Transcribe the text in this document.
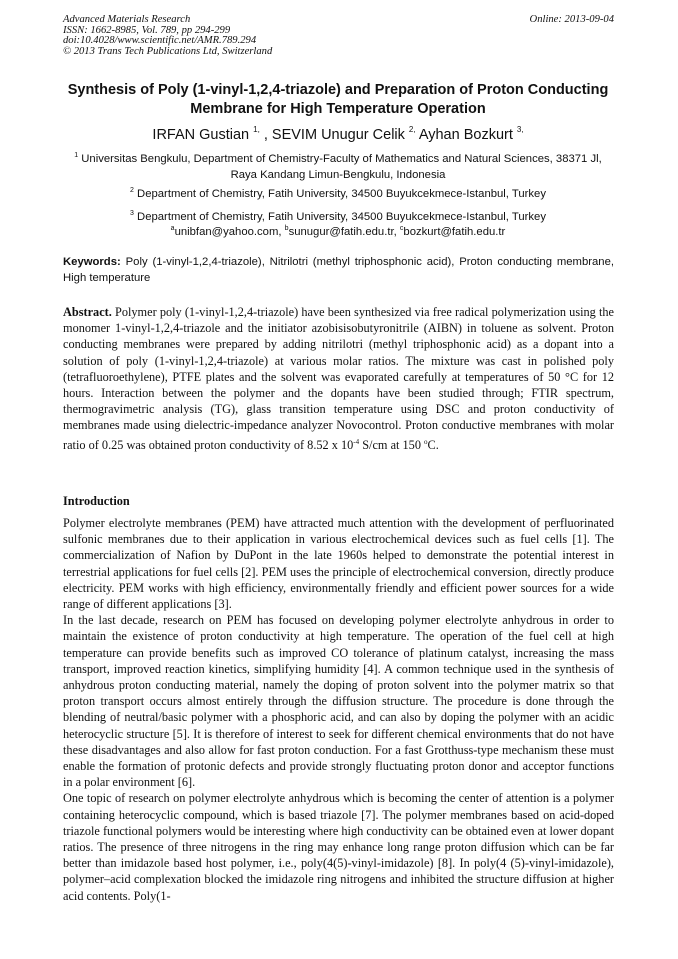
Advanced Materials Research
ISSN: 1662-8985, Vol. 789, pp 294-299
doi:10.4028/www.scientific.net/AMR.789.294
© 2013 Trans Tech Publications Ltd, Switzerland
Online: 2013-09-04
Synthesis of Poly (1-vinyl-1,2,4-triazole) and Preparation of Proton Conducting Membrane for High Temperature Operation
IRFAN Gustian $^{1,}$ , SEVIM Unugur Celik $^{2,}$ Ayhan Bozkurt $^{3,}$
$^1$ Universitas Bengkulu, Department of Chemistry-Faculty of Mathematics and Natural Sciences, 38371 Jl, Raya Kandang Limun-Bengkulu, Indonesia
$^2$ Department of Chemistry, Fatih University, 34500 Buyukcekmece-Istanbul, Turkey
$^3$ Department of Chemistry, Fatih University, 34500 Buyukcekmece-Istanbul, Turkey
$^a$unibfan@yahoo.com, $^b$sunugur@fatih.edu.tr, $^c$bozkurt@fatih.edu.tr
Keywords: Poly (1-vinyl-1,2,4-triazole), Nitrilotri (methyl triphosphonic acid), Proton conducting membrane, High temperature
Abstract. Polymer poly (1-vinyl-1,2,4-triazole) have been synthesized via free radical polymerization using the monomer 1-vinyl-1,2,4-triazole and the initiator azobisisobutyronitrile (AIBN) in toluene as solvent. Proton conducting membranes were prepared by adding nitrilotri (methyl triphosphonic acid) as a dopant into a solution of poly (1-vinyl-1,2,4-triazole) at various molar ratios. The mixture was cast in polished poly (tetrafluoroethylene), PTFE plates and the solvent was evaporated carefully at temperatures of 50 °C for 12 hours. Interaction between the polymer and the dopants have been studied through; FTIR spectrum, thermogravimetric analysis (TG), glass transition temperature using DSC and proton conductivity of membranes made using dielectric-impedance analyzer Novocontrol. Proton conductive membranes with molar ratio of 0.25 was obtained proton conductivity of 8.52 x $10^{-4}$ S/cm at 150 $^o$C.
Introduction

Polymer electrolyte membranes (PEM) have attracted much attention with the development of perfluorinated sulfonic membranes due to their application in various electrochemical devices such as fuel cells [1]. The commercialization of Nafion by DuPont in the late 1960s helped to demonstrate the potential interest in terrestrial applications for fuel cells [2]. PEM uses the principle of electrochemical conversion, directly produce electricity. PEM works with high efficiency, environmentally friendly and efficient power sources for a wide range of different applications [3].

In the last decade, research on PEM has focused on developing polymer electrolyte anhydrous in order to maintain the existence of proton conductivity at high temperature. The operation of the fuel cell at high temperature can provide benefits such as improved CO tolerance of platinum catalyst, increasing the mass transport, improved reaction kinetics, simplifying humidity [4]. A common technique used in the synthesis of anhydrous proton conducting material, namely the doping of proton solvent into the polymer matrix so that proton transport occurs almost entirely through the diffusion structure. The procedure is done through the blending of neutral/basic polymer with a phosphoric acid, and can also by doping the polymer with an acidic heterocyclic structure [5]. It is therefore of interest to seek for different chemical environments that do not have these disadvantages and also allow for fast proton conduction. For a fast Grotthuss-type mechanism these must enable the formation of protonic defects and provide strongly fluctuating proton donor and acceptor functions in a polar environment [6].

One topic of research on polymer electrolyte anhydrous which is becoming the center of attention is a polymer containing heterocyclic compound, which is based triazole [7]. The polymer membranes based on acid-doped triazole functional polymers would be interesting where high conductivity can be obtained even at lower dopant ratios. The presence of three nitrogens in the ring may enhance long range proton diffusion which can be far better than imidazole based host polymer, i.e., poly(4(5)-vinyl-imidazole) [8]. In poly(4 (5)-vinyl-imidazole), polymer–acid complexation blocked the imidazole ring nitrogens and inhibited the structure diffusion at higher acid contents. Poly(1-
